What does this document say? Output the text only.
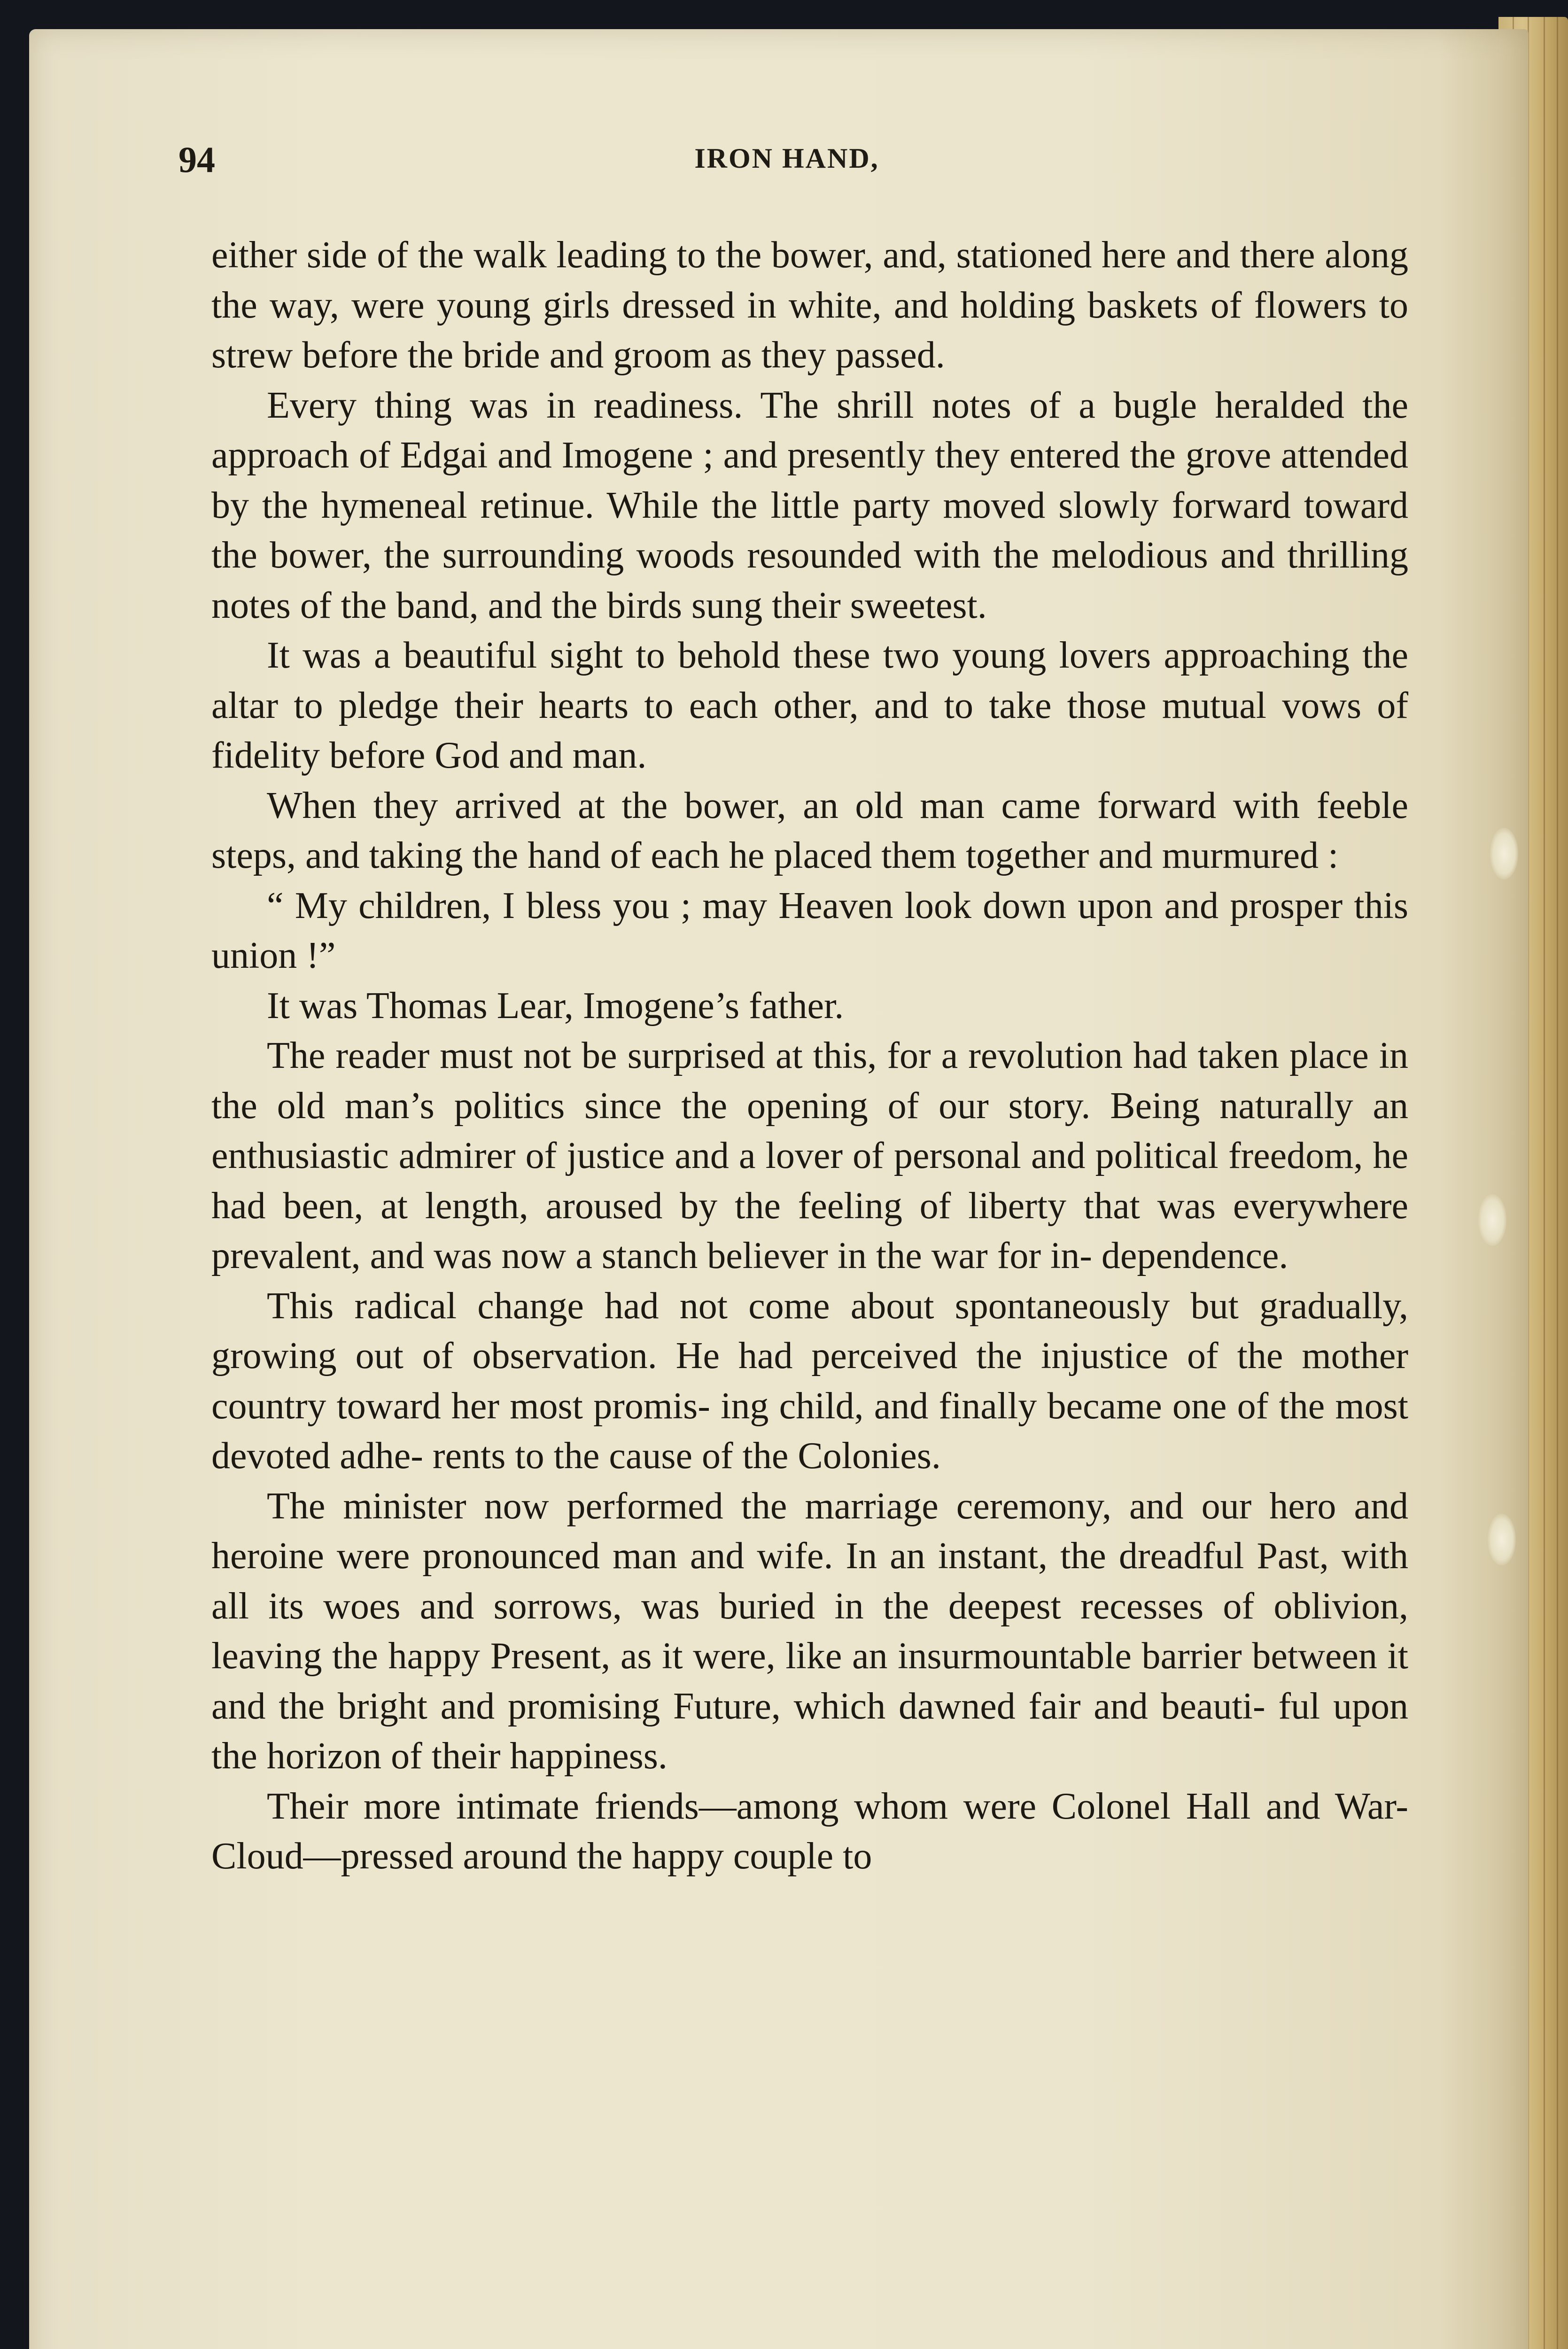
94	IRON HAND,

either side of the walk leading to the bower, and, stationed here and there along the way, were young girls dressed in white, and holding baskets of flowers to strew before the bride and groom as they passed.

Every thing was in readiness. The shrill notes of a bugle heralded the approach of Edgai and Imogene ; and presently they entered the grove attended by the hymeneal retinue. While the little party moved slowly forward toward the bower, the surrounding woods resounded with the melodious and thrilling notes of the band, and the birds sung their sweetest.

It was a beautiful sight to behold these two young lovers approaching the altar to pledge their hearts to each other, and to take those mutual vows of fidelity before God and man.

When they arrived at the bower, an old man came forward with feeble steps, and taking the hand of each he placed them together and murmured :

“ My children, I bless you ; may Heaven look down upon and prosper this union !”

It was Thomas Lear, Imogene’s father.

The reader must not be surprised at this, for a revolution had taken place in the old man’s politics since the opening of our story. Being naturally an enthusiastic admirer of justice and a lover of personal and political freedom, he had been, at length, aroused by the feeling of liberty that was everywhere prevalent, and was now a stanch believer in the war for in- dependence.

This radical change had not come about spontaneously but gradually, growing out of observation. He had perceived the injustice of the mother country toward her most promis- ing child, and finally became one of the most devoted adhe- rents to the cause of the Colonies.

The minister now performed the marriage ceremony, and our hero and heroine were pronounced man and wife. In an instant, the dreadful Past, with all its woes and sorrows, was buried in the deepest recesses of oblivion, leaving the happy Present, as it were, like an insurmountable barrier between it and the bright and promising Future, which dawned fair and beauti- ful upon the horizon of their happiness.

Their more intimate friends—among whom were Colonel Hall and War-Cloud—pressed around the happy couple to
